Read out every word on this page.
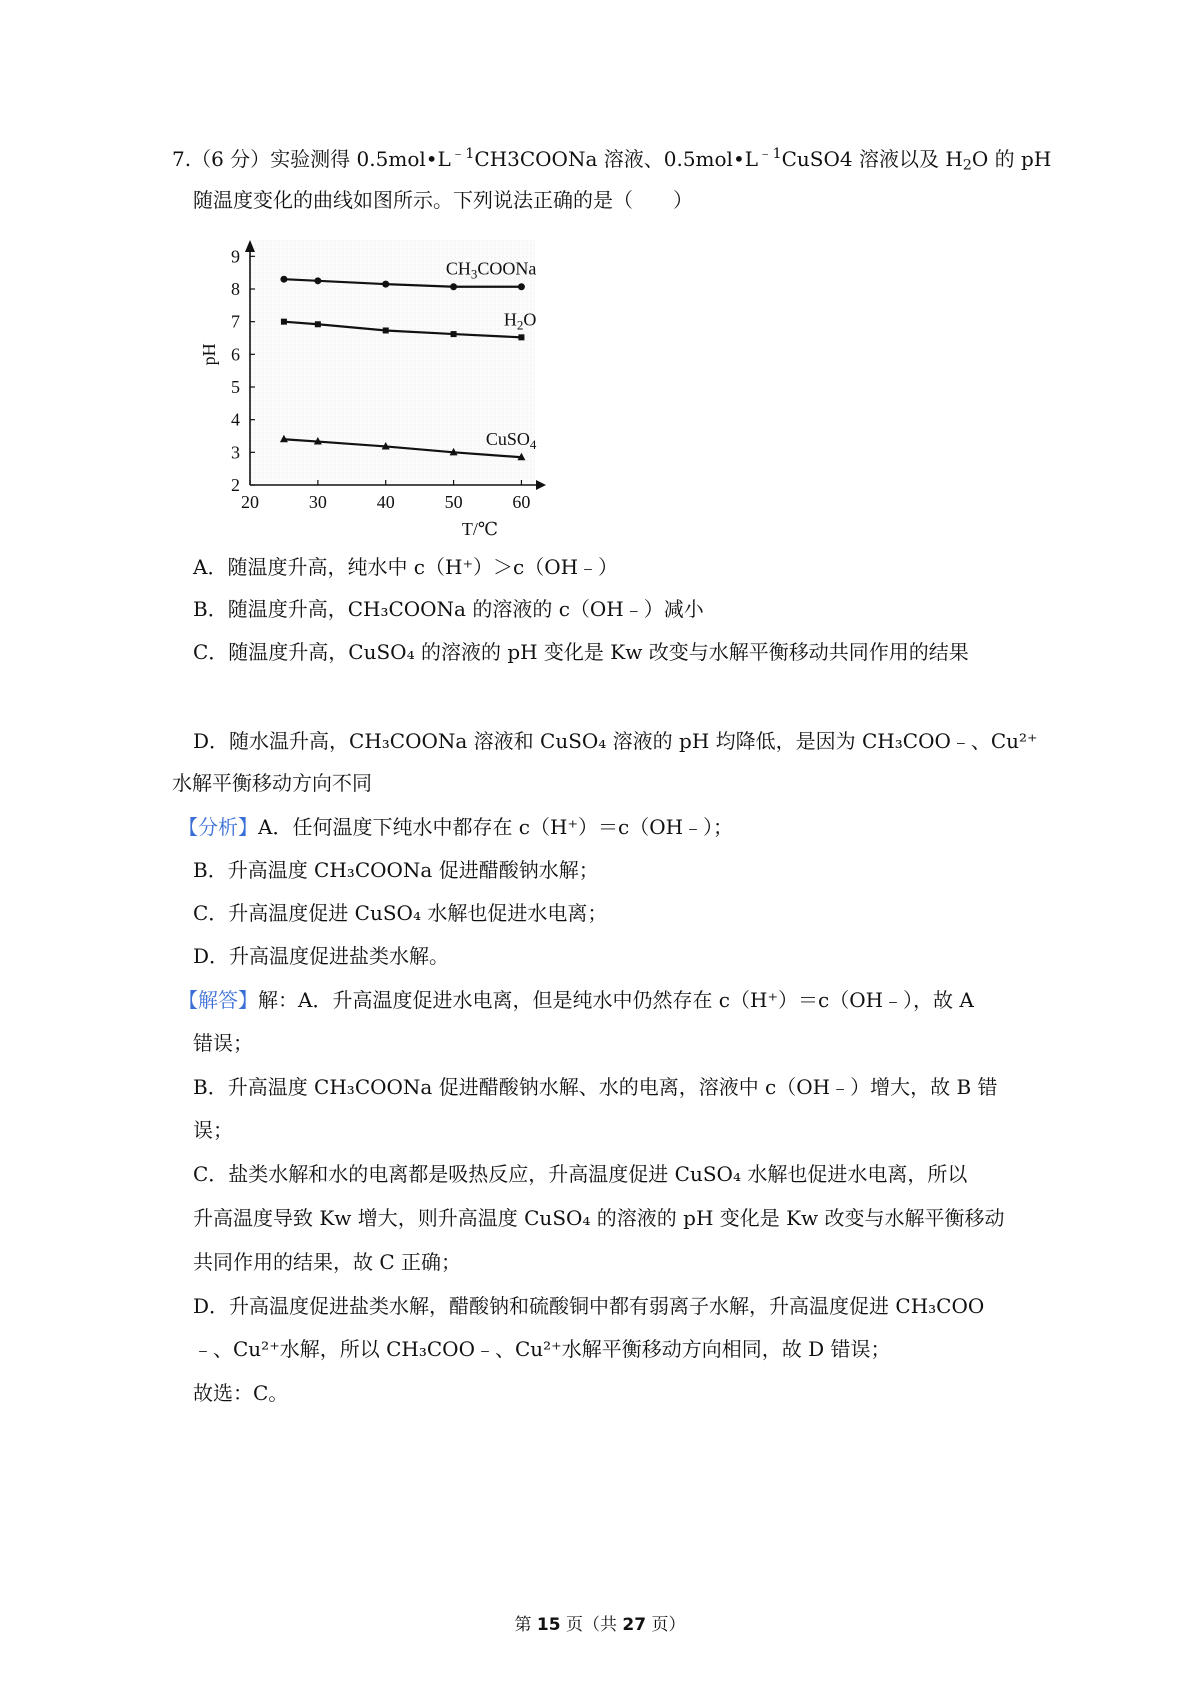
7.（6 分）实验测得 $0.5mol•L^{﹣1}CH3COONa$ 溶液、$0.5mol•L^{﹣1}CuSO4$ 溶液以及 $H_2O$ 的 pH
随温度变化的曲线如图所示。下列说法正确的是（　　）
20	30	40	50	60
2
3
4
5
6
7
8
9
T/℃
pH
$CH_3COONa$
$H_2O$
CuSO$_4$
A．随温度升高，纯水中 c（H⁺）＞c（OH﹣）
B．随温度升高，CH₃COONa 的溶液的 c（OH﹣）减小
C．随温度升高，CuSO₄ 的溶液的 pH 变化是 Kw 改变与水解平衡移动共同作用的结果
D．随水温升高，CH₃COONa 溶液和 CuSO₄ 溶液的 pH 均降低，是因为 CH₃COO﹣、Cu²⁺
水解平衡移动方向不同
【分析】A．任何温度下纯水中都存在 c（H⁺）＝c（OH﹣）；
B．升高温度 CH₃COONa 促进醋酸钠水解；
C．升高温度促进 CuSO₄ 水解也促进水电离；
D．升高温度促进盐类水解。
【解答】解：A．升高温度促进水电离，但是纯水中仍然存在 c（H⁺）＝c（OH﹣），故 A
错误；
B．升高温度 CH₃COONa 促进醋酸钠水解、水的电离，溶液中 c（OH﹣）增大，故 B 错
误；
C．盐类水解和水的电离都是吸热反应，升高温度促进 CuSO₄ 水解也促进水电离，所以
升高温度导致 Kw 增大，则升高温度 CuSO₄ 的溶液的 pH 变化是 Kw 改变与水解平衡移动
共同作用的结果，故 C 正确；
D．升高温度促进盐类水解，醋酸钠和硫酸铜中都有弱离子水解，升高温度促进 CH₃COO
﹣、Cu²⁺水解，所以 CH₃COO﹣、Cu²⁺水解平衡移动方向相同，故 D 错误；
故选：C。
第 15 页（共 27 页）
